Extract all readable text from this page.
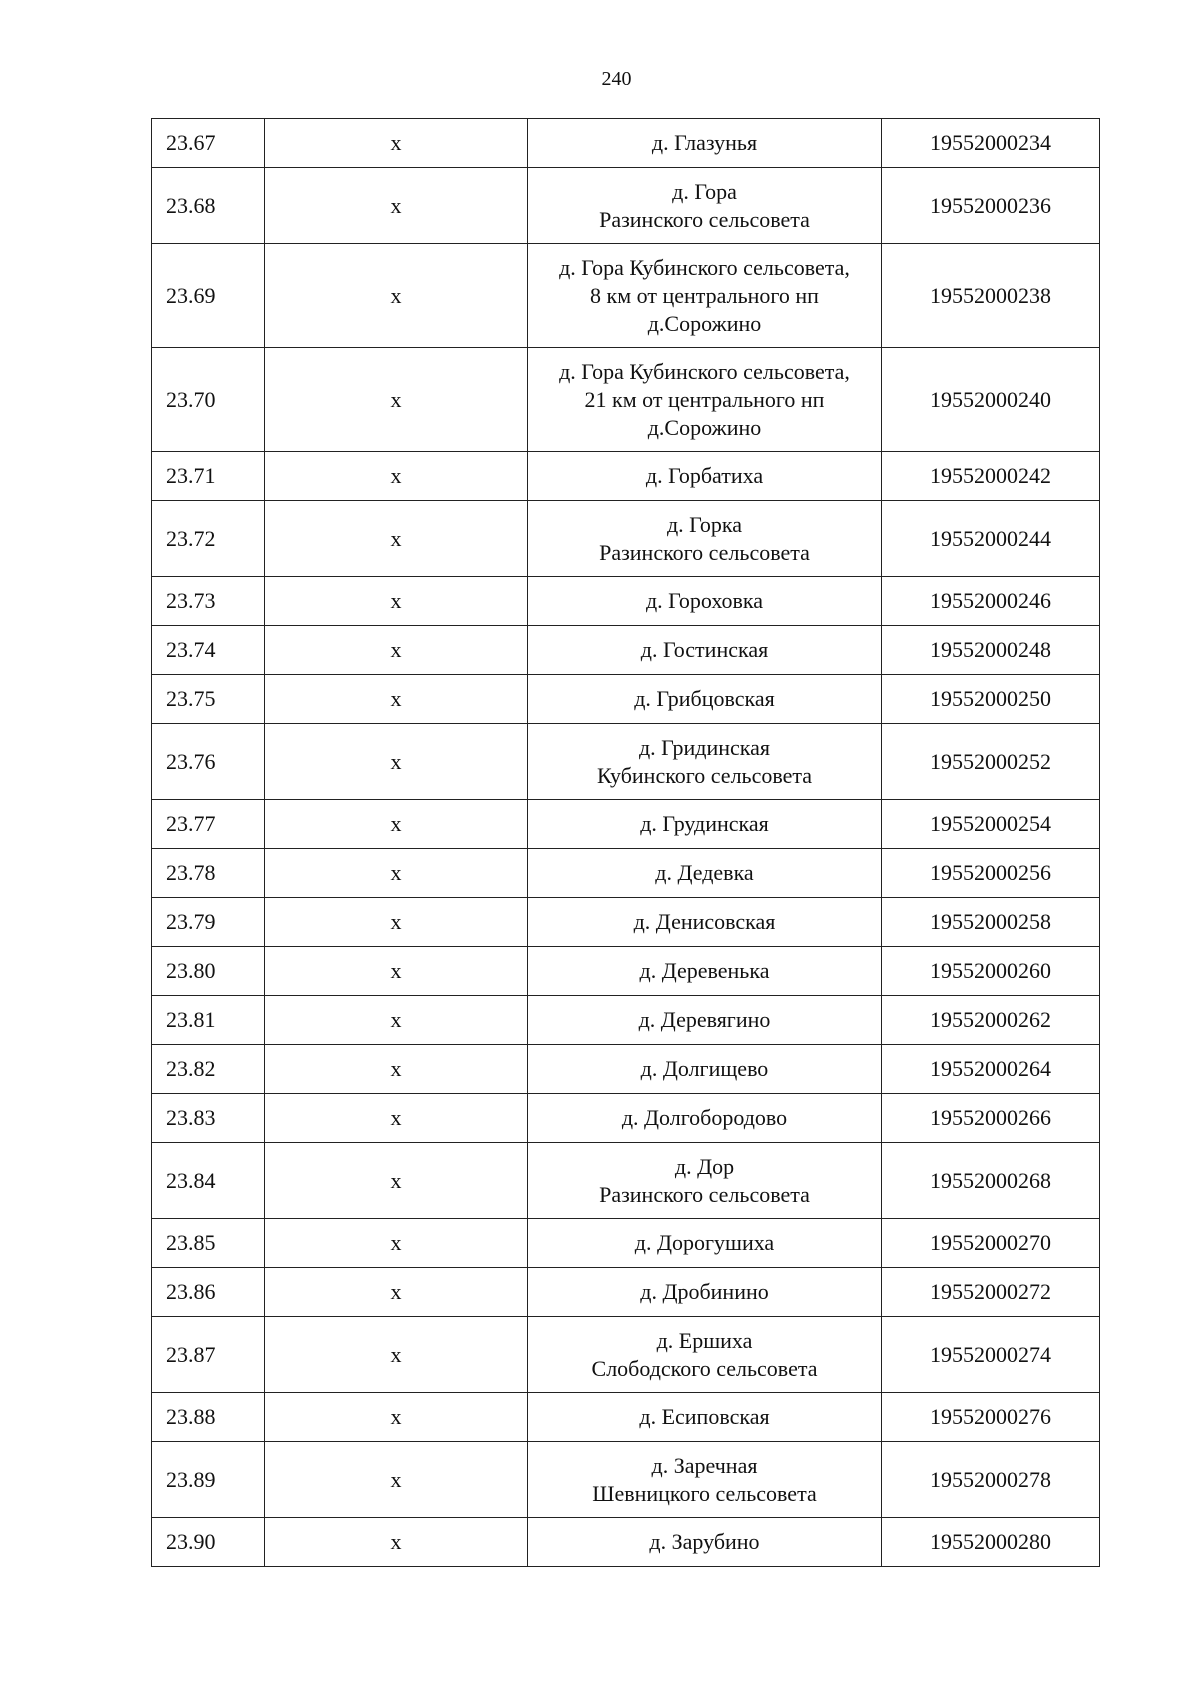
240
23.67	х	д. Глазунья	19552000234
23.68	х	д. Гора
Разинского сельсовета	19552000236
23.69	х	д. Гора Кубинского сельсовета,
8 км от центрального нп
д.Сорожино	19552000238
23.70	х	д. Гора Кубинского сельсовета,
21 км от центрального нп
д.Сорожино	19552000240
23.71	х	д. Горбатиха	19552000242
23.72	х	д. Горка
Разинского сельсовета	19552000244
23.73	х	д. Гороховка	19552000246
23.74	х	д. Гостинская	19552000248
23.75	х	д. Грибцовская	19552000250
23.76	х	д. Гридинская
Кубинского сельсовета	19552000252
23.77	х	д. Грудинская	19552000254
23.78	х	д. Дедевка	19552000256
23.79	х	д. Денисовская	19552000258
23.80	х	д. Деревенька	19552000260
23.81	х	д. Деревягино	19552000262
23.82	х	д. Долгищево	19552000264
23.83	х	д. Долгобородово	19552000266
23.84	х	д. Дор
Разинского сельсовета	19552000268
23.85	х	д. Дорогушиха	19552000270
23.86	х	д. Дробинино	19552000272
23.87	х	д. Ершиха
Слободского сельсовета	19552000274
23.88	х	д. Есиповская	19552000276
23.89	х	д. Заречная
Шевницкого сельсовета	19552000278
23.90	х	д. Зарубино	19552000280
